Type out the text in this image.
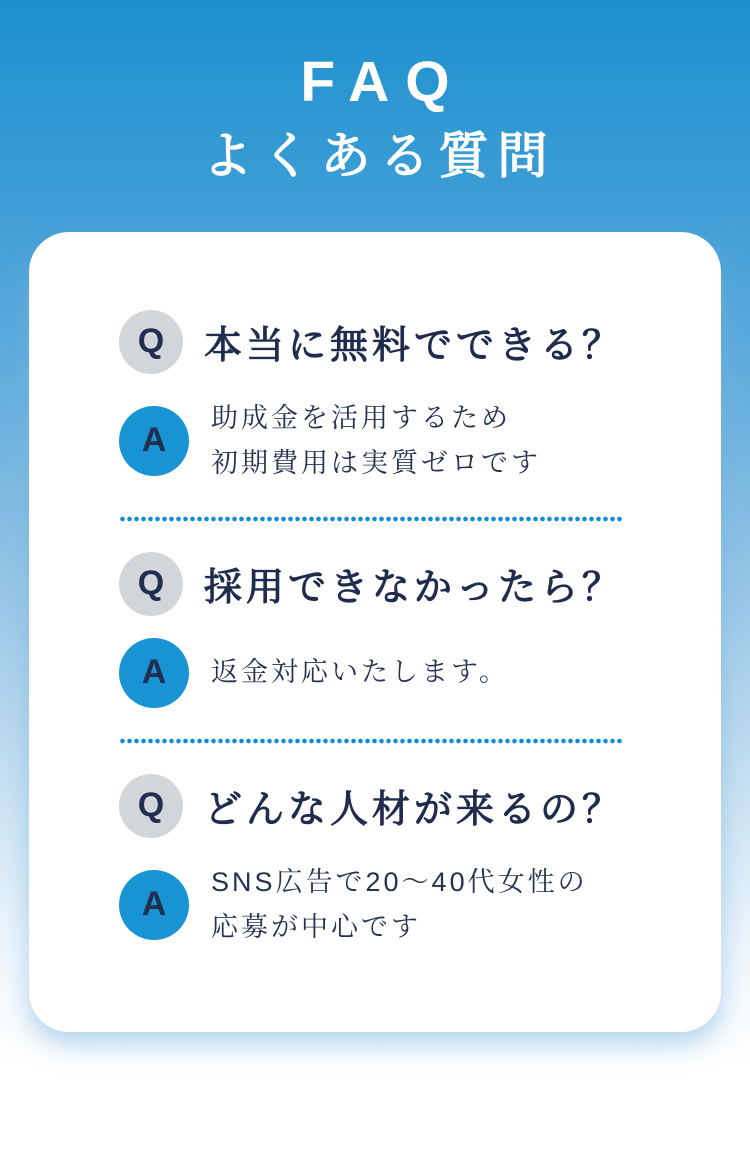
FAQ
よくある質問
Q	本当に無料でできる？
A
助成金を活用するため
初期費用は実質ゼロです
Q	採用できなかったら？
A	返金対応いたします。
Q	どんな人材が来るの？
A
SNS広告で20〜40代女性の
応募が中心です
